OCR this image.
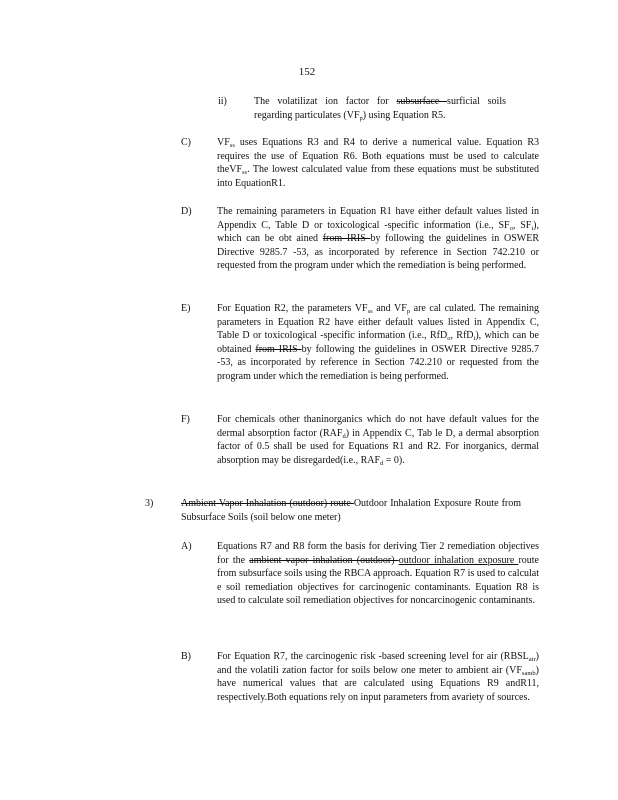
152
ii)	The volatilizat ion factor for subsurface surficial soils regarding particulates $(VF_p)$ using Equation R5.
C)	$VF_{ss}$ uses Equations R3 and R4 to derive a numerical value. Equation R3 requires the use of Equation R6. Both equations must be used to calculate theVF$_{ss}$. The lowest calculated value from these equations must be substituted into EquationR1.
D)	The remaining parameters in Equation R1 have either default values listed in Appendix C, Table D or toxicological -specific information (i.e., $SF_o$, $SF_i$), which can be obt ained from IRIS by following the guidelines in OSWER Directive 9285.7 -53, as incorporated by reference in Section 742.210 or requested from the program under which the remediation is being performed.
E)	For Equation R2, the parameters $VF_{ss}$ and $VF_p$ are cal culated. The remaining parameters in Equation R2 have either default values listed in Appendix C, Table D or toxicological -specific information (i.e., RfD$_o$, RfD$_i$), which can be obtained from IRIS by following the guidelines in OSWER Directive 9285.7 -53, as incorporated by reference in Section 742.210 or requested from the program under which the remediation is being performed.
F)	For chemicals other thaninorganics which do not have default values for the dermal absorption factor $(RAF_d)$ in Appendix C, Tab le D, a dermal absorption factor of 0.5 shall be used for Equations R1 and R2. For inorganics, dermal absorption may be disregarded(i.e., $RAF_d = 0$).
3)	Ambient Vapor Inhalation (outdoor) route Outdoor Inhalation Exposure Route from Subsurface Soils (soil below one meter)
A)	Equations R7 and R8 form the basis for deriving Tier 2 remediation objectives for the ambient vapor inhalation (outdoor) outdoor inhalation exposure route from subsurface soils using the RBCA approach. Equation R7 is used to calculat e soil remediation objectives for carcinogenic contaminants. Equation R8 is used to calculate soil remediation objectives for noncarcinogenic contaminants.
B)	For Equation R7, the carcinogenic risk -based screening level for air $(RBSL_{air})$ and the volatili zation factor for soils below one meter to ambient air $(VF_{samb})$ have numerical values that are calculated using Equations R9 andR11, respectively.Both equations rely on input parameters from avariety of sources.
